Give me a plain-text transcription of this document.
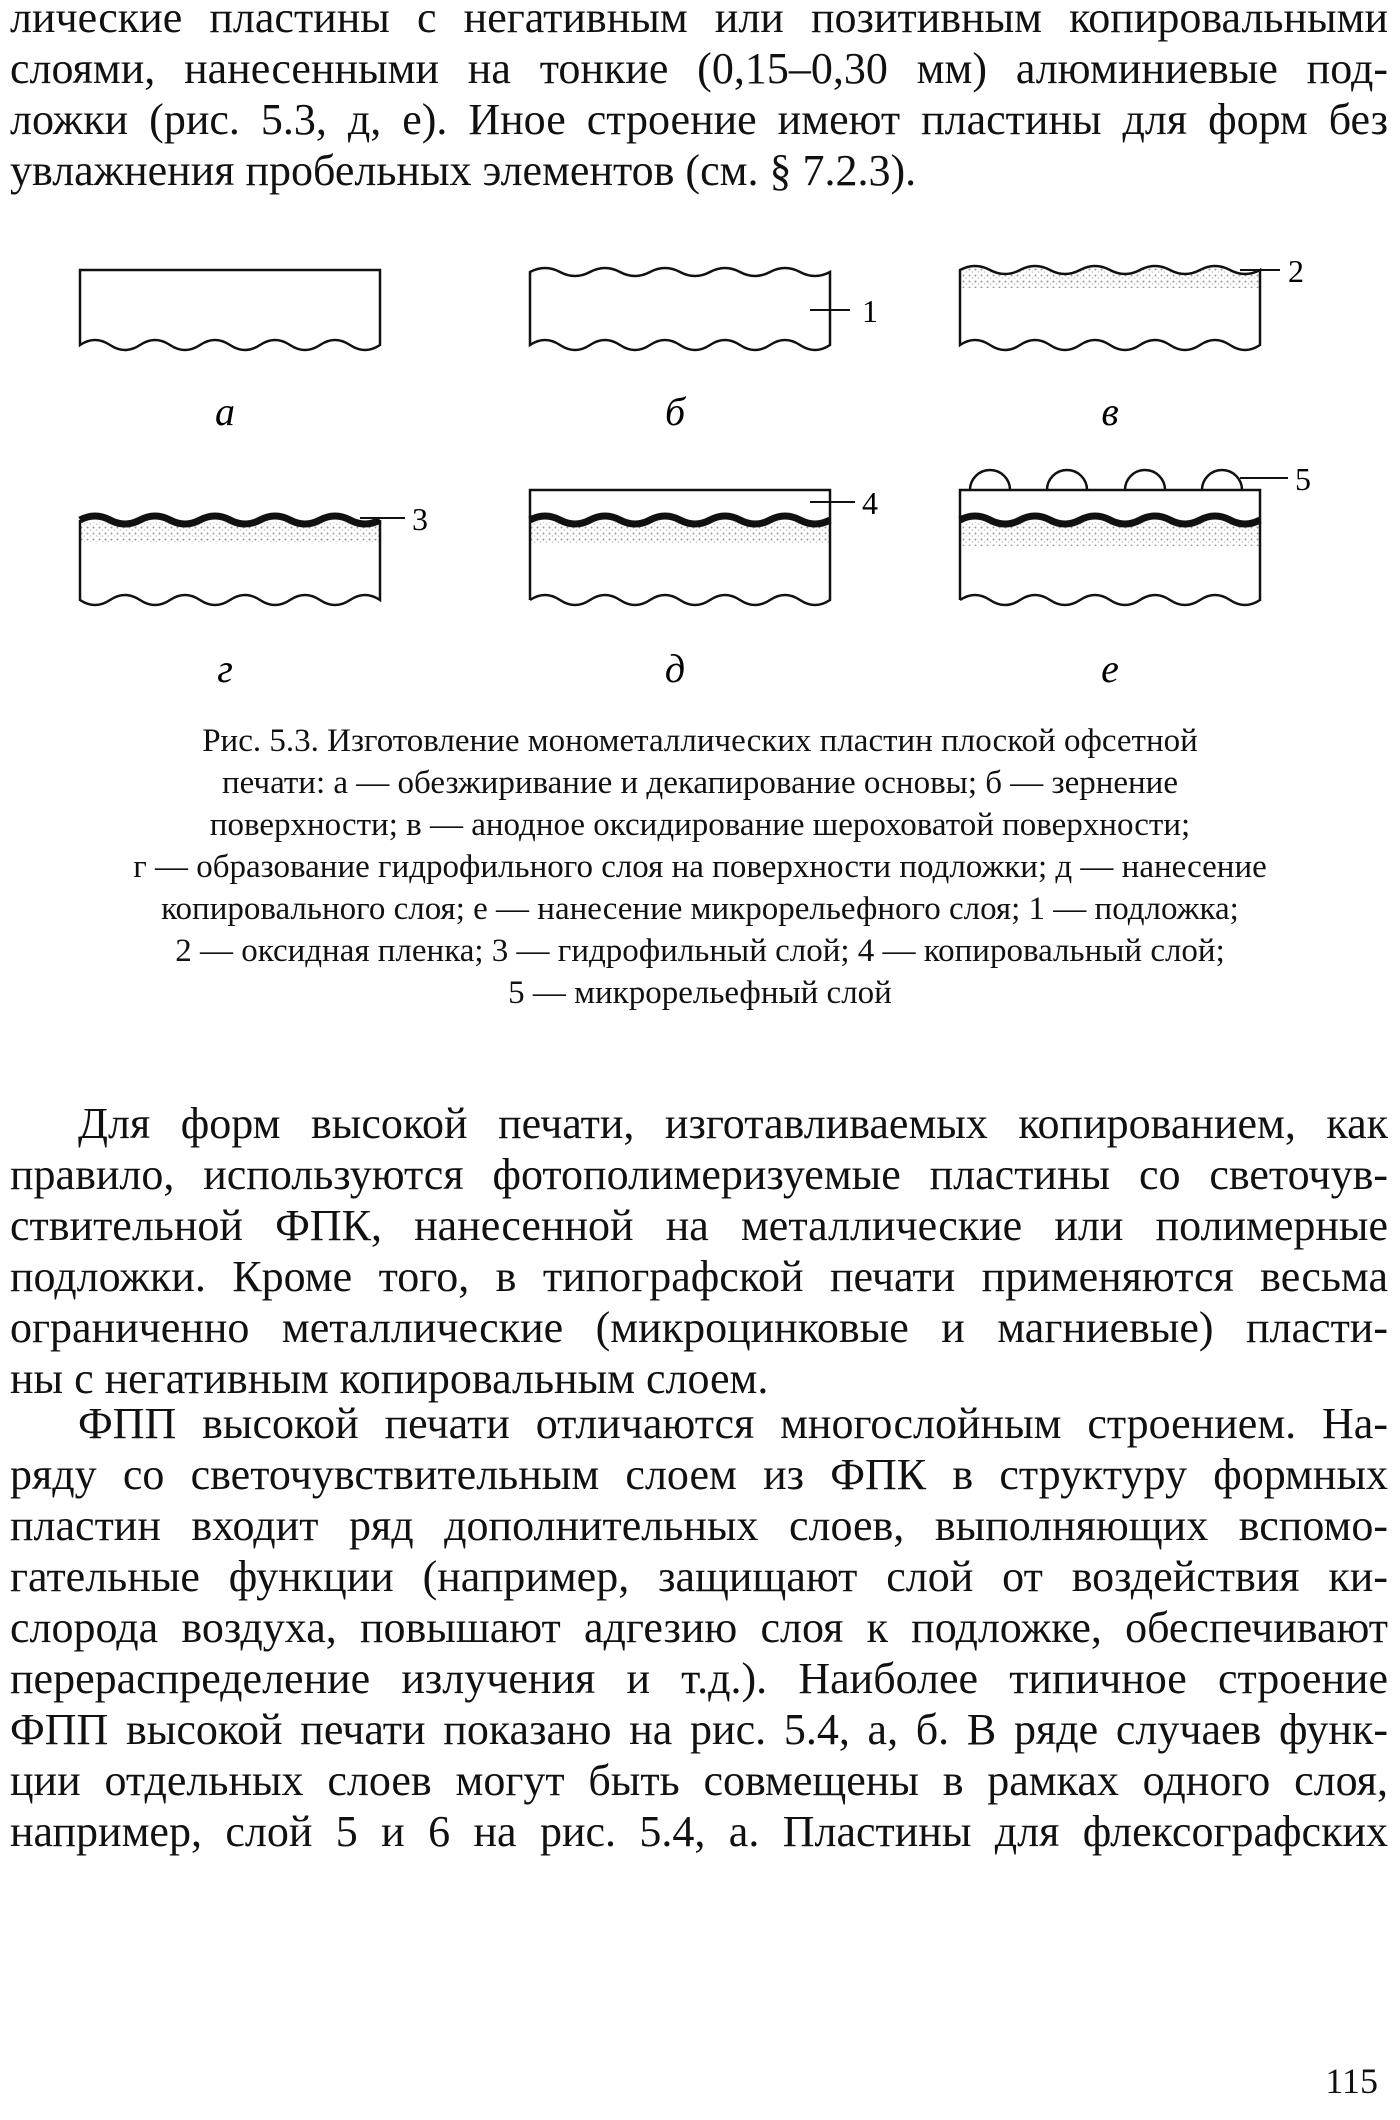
лические пластины с негативным или позитивным копировальными
слоями, нанесенными на тонкие (0,15–0,30 мм) алюминиевые под-
ложки (рис. 5.3, д, е). Иное строение имеют пластины для форм без
увлажнения пробельных элементов (см. § 7.2.3).
а
1
б
2
в
3
г
4
д
5
е
Рис. 5.3. Изготовление монометаллических пластин плоской офсетной
печати: а — обезжиривание и декапирование основы; б — зернение
поверхности; в — анодное оксидирование шероховатой поверхности;
г — образование гидрофильного слоя на поверхности подложки; д — нанесение
копировального слоя; е — нанесение микрорельефного слоя; 1 — подложка;
2 — оксидная пленка; 3 — гидрофильный слой; 4 — копировальный слой;
5 — микрорельефный слой
Для форм высокой печати, изготавливаемых копированием, как
правило, используются фотополимеризуемые пластины со светочув-
ствительной ФПК, нанесенной на металлические или полимерные
подложки. Кроме того, в типографской печати применяются весьма
ограниченно металлические (микроцинковые и магниевые) пласти-
ны с негативным копировальным слоем.
ФПП высокой печати отличаются многослойным строением. На-
ряду со светочувствительным слоем из ФПК в структуру формных
пластин входит ряд дополнительных слоев, выполняющих вспомо-
гательные функции (например, защищают слой от воздействия ки-
слорода воздуха, повышают адгезию слоя к подложке, обеспечивают
перераспределение излучения и т.д.). Наиболее типичное строение
ФПП высокой печати показано на рис. 5.4, а, б. В ряде случаев функ-
ции отдельных слоев могут быть совмещены в рамках одного слоя,
например, слой 5 и 6 на рис. 5.4, а. Пластины для флексографских
115
